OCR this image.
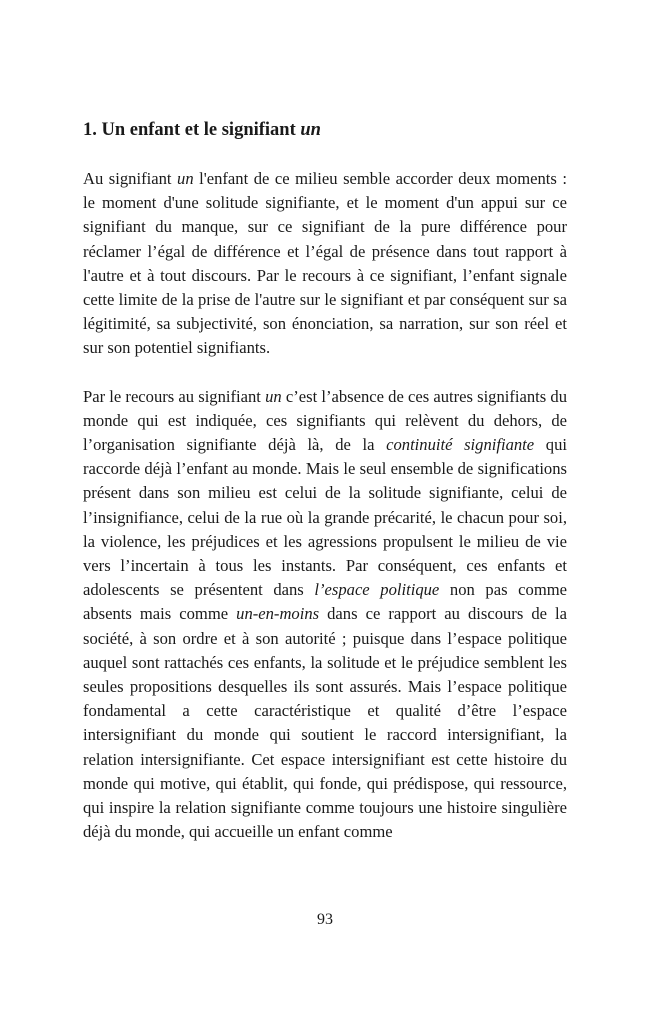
1. Un enfant et le signifiant un

Au signifiant un l'enfant de ce milieu semble accorder deux moments : le moment d'une solitude signifiante, et le moment d'un appui sur ce signifiant du manque, sur ce signifiant de la pure différence pour réclamer l’égal de différence et l’égal de présence dans tout rapport à l'autre et à tout discours. Par le recours à ce signifiant, l’enfant signale cette limite de la prise de l'autre sur le signifiant et par conséquent sur sa légitimité, sa subjectivité, son énonciation, sa narration, sur son réel et sur son potentiel signifiants.

Par le recours au signifiant un c’est l’absence de ces autres signifiants du monde qui est indiquée, ces signifiants qui relèvent du dehors, de l’organisation signifiante déjà là, de la continuité signifiante qui raccorde déjà l’enfant au monde. Mais le seul ensemble de significations présent dans son milieu est celui de la solitude signifiante, celui de l’insignifiance, celui de la rue où la grande précarité, le chacun pour soi, la violence, les préjudices et les agressions propulsent le milieu de vie vers l’incertain à tous les instants. Par conséquent, ces enfants et adolescents se présentent dans l’espace politique non pas comme absents mais comme un-en-moins dans ce rapport au discours de la société, à son ordre et à son autorité ; puisque dans l’espace politique auquel sont rattachés ces enfants, la solitude et le préjudice semblent les seules propositions desquelles ils sont assurés. Mais l’espace politique fondamental a cette caractéristique et qualité d’être l’espace intersignifiant du monde qui soutient le raccord intersignifiant, la relation intersignifiante. Cet espace intersignifiant est cette histoire du monde qui motive, qui établit, qui fonde, qui prédispose, qui ressource, qui inspire la relation signifiante comme toujours une histoire singulière déjà du monde, qui accueille un enfant comme

93
